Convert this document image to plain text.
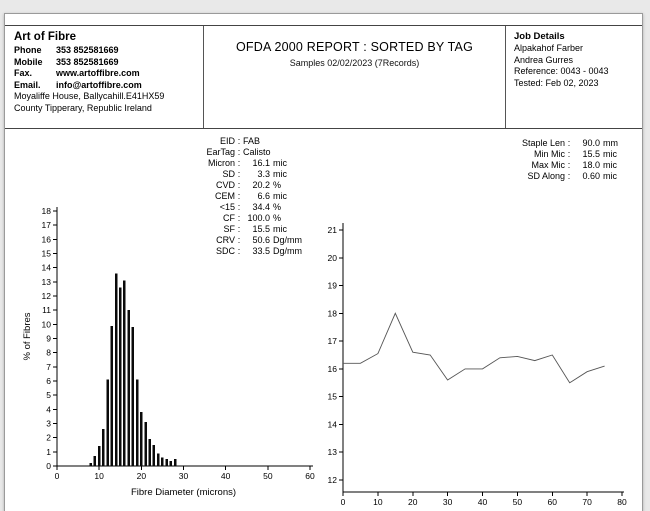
Art of Fibre
Phone 353 852581669
Mobile 353 852581669
Fax.	www.artoffibre.com
Email. info@artoffibre.com
Moyaliffe House, Ballycahill.E41HX59
County Tipperary, Republic Ireland
OFDA 2000 REPORT : SORTED BY TAG
Samples 02/02/2023 (7Records)
Job Details
Alpakahof Farber
Andrea Gurres
Reference: 0043 - 0043
Tested: Feb 02, 2023
EID : FAB
EarTag : Calisto
Micron : 16.1 mic
SD : 3.3 mic
CVD : 20.2 %
CEM : 6.6 mic
<15 : 34.4 %
CF : 100.0 %
SF : 15.5 mic
CRV : 50.6 Dg/mm
SDC : 33.5 Dg/mm
Staple Len : 90.0 mm
Min Mic : 15.5 mic
Max Mic : 18.0 mic
SD Along : 0.60 mic
0
1
2
3
4
5
6
7
8
9
10
11
12
13
14
15
16
17
18
0	10	20	30	40	50	60
Fibre Diameter (microns)
% of Fibres
12
13
14
15
16
17
18
19
20
21
0	10	20	30	40	50	60	70	80
